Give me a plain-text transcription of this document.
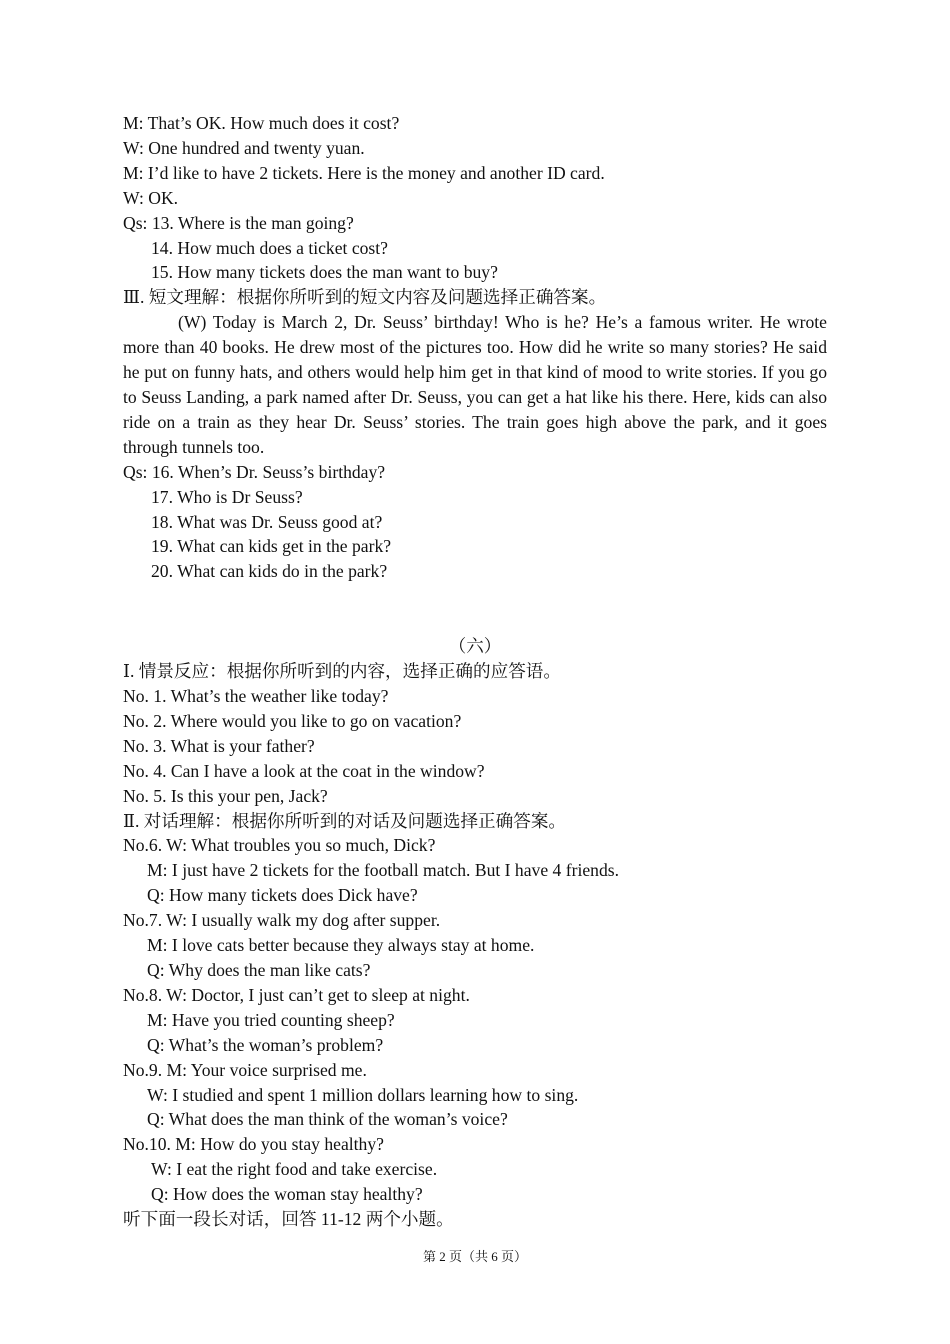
M: That’s OK. How much does it cost?
W: One hundred and twenty yuan.
M: I’d like to have 2 tickets. Here is the money and another ID card.
W: OK.
Qs: 13. Where is the man going?
14. How much does a ticket cost?
15. How many tickets does the man want to buy?
Ⅲ. 短文理解：根据你所听到的短文内容及问题选择正确答案。
(W) Today is March 2, Dr. Seuss’ birthday! Who is he? He’s a famous writer. He wrote more than 40 books. He drew most of the pictures too. How did he write so many stories? He said he put on funny hats, and others would help him get in that kind of mood to write stories. If you go to Seuss Landing, a park named after Dr. Seuss, you can get a hat like his there. Here, kids can also ride on a train as they hear Dr. Seuss’ stories. The train goes high above the park, and it goes through tunnels too.
Qs: 16. When’s Dr. Seuss’s birthday?
17. Who is Dr Seuss?
18. What was Dr. Seuss good at?
19. What can kids get in the park?
20. What can kids do in the park?
（六）
Ⅰ. 情景反应：根据你所听到的内容，选择正确的应答语。
No. 1. What’s the weather like today?
No. 2. Where would you like to go on vacation?
No. 3. What is your father?
No. 4. Can I have a look at the coat in the window?
No. 5. Is this your pen, Jack?
Ⅱ. 对话理解：根据你所听到的对话及问题选择正确答案。
No.6. W: What troubles you so much, Dick?
M: I just have 2 tickets for the football match. But I have 4 friends.
Q: How many tickets does Dick have?
No.7. W: I usually walk my dog after supper.
M: I love cats better because they always stay at home.
Q: Why does the man like cats?
No.8. W: Doctor, I just can’t get to sleep at night.
M: Have you tried counting sheep?
Q: What’s the woman’s problem?
No.9. M: Your voice surprised me.
W: I studied and spent 1 million dollars learning how to sing.
Q: What does the man think of the woman’s voice?
No.10. M: How do you stay healthy?
W: I eat the right food and take exercise.
Q: How does the woman stay healthy?
听下面一段长对话，回答 11-12 两个小题。
第 2 页（共 6 页）
